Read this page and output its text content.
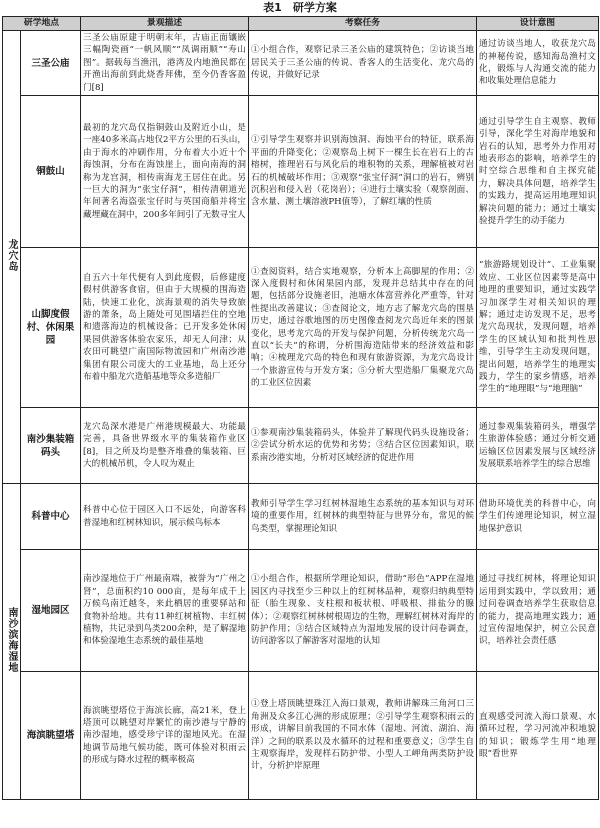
表1　研学方案
研学地点		景观描述	考察任务	设计意图
龙穴岛	三圣公庙	三圣公庙原建于明朝末年，古庙正面镶嵌三幅陶瓷画“一帆风顺”“凤调雨顺”“寿山图”。据载每当渔汛，港湾及内地渔民都在开渔出海前到此烧香拜佛，至今仍香客盈门[8]	①小组合作，观察记录三圣公庙的建筑特色；②访谈当地居民关于三圣公庙的传说、香客人的生活变化、龙穴岛的传说，并做好记录	通过访谈当地人，收获龙穴岛的神秘传说，感知海岛渔村文化，锻炼与人沟通交流的能力和收集处理信息能力
	铜鼓山	最初的龙穴岛仅指铜鼓山及附近小山，是一座40多米高占地仅2平方公里的石头山，由于海水的冲刷作用，分布着大小近十个海蚀洞，分布在海蚀崖上，面向南海的洞称为龙宫洞，相传南海龙王居住在此。另一巨大的洞为“张宝仔洞”，相传清朝道光年间著名海盗张宝仔时与英国商船并将宝藏埋藏在洞中，200多年间引了无数寻宝人	①引导学生观察并识别海蚀洞、海蚀平台的特征，联系海平面的升降变化；②观察岛上树下一棵生长在岩石上的古榕树，推理岩石与风化后的堆积物的关系，理解植被对岩石的机械破坏作用；③观察“张宝仔洞”洞口的岩石，辨别沉积岩和侵入岩（花岗岩）；④进行土壤实验（观察剖面、含水量、测土壤溶液PH值等），了解红壤的性质	通过引导学生自主观察、教师引导，深化学生对海岸地貌和岩石的认知，思考外力作用对地表形态的影响，培养学生的时空综合思维和自主探究能力，解决具体问题，培养学生的实践力，提高运用地理知识解决问题的能力；通过土壤实验提升学生的动手能力
	山脚度假村、休闲果园	自五六十年代便有人到此度假，后修建度假村供游客食宿，但由于大规模的围海造陆，快速工业化，滨海景观的消失导致旅游的萧条，岛上随处可见围墙拦住的空地和遗落海边的机械设备；已开发多处休闲果园供游客体验农家乐，却无人问津；从农田可眺望广南国际物流园和广州南沙港集团有限公司庞大的工业基地，岛上还分布着中船龙穴造船基地等众多造船厂	①查阅资料，结合实地观察，分析本上高脚屋的作用；②深入度假村和休闲果园内部，发现并总结其中存在的问题，包括部分设施老旧，池塘水体富营养化严重等，针对性提出改善建议；③查阅论文，地方志了解龙穴岛的围垦历史，通过谷歌地图的历史图像查阅龙穴岛近年来的图景变化，思考龙穴岛的开发与保护问题，分析传统龙穴岛一直以“长夫”的称谓，分析围海造陆带来的经济效益和影响；④梳理龙穴岛的特色和现有旅游资源，为龙穴岛设计一个旅游宣传与开发方案；⑤分析大型造船厂集聚龙穴岛的工业区位因素	“旅游路规划设计”、工业集聚效应、工业区位因素等是高中地理的重要知识，通过实践学习加深学生对相关知识的理解；通过走访发现不足，思考龙穴岛现状，发现问题，培养学生的区域认知和批判性思维，引导学生主动发现问题，提出问题，培养学生的地理实践力，学生的家乡情感，培养学生的“地理眼”与“地理脑”
	南沙集装箱码头	龙穴岛深水港是广州港规模最大、功能最完善，具备世界级水平的集装箱作业区[8]，目之所及均是整齐堆叠的集装箱、巨大的机械吊机，令人叹为观止	①参观南沙集装箱码头，体验并了解现代码头设施设备；②尝试分析水运的优势和劣势；③结合区位因素知识，联系南沙港实地，分析对区域经济的促进作用	通过参观集装箱码头，增强学生旅游体验感；通过分析交通运输区位因素发展与区域经济发展联系培养学生的综合思维
南沙滨海湿地	科普中心	科普中心位于园区入口不远处，向游客科普湿地和红树林知识，展示候鸟标本	教师引导学生学习红树林湿地生态系统的基本知识与对环境的重要作用，红树林的典型特征与世界分布，常见的候鸟类型，掌握理论知识	借助环境优美的科普中心，向学生们传递理论知识，树立湿地保护意识
	湿地园区	南沙湿地位于广州最南端，被誉为“广州之肾”，总面积约10 000亩，是每年成千上万候鸟南迁越冬，来此栖居的重要驿站和食物补给地。共有11种红树植物、丰红树植物，共记录到鸟类200余种，是了解湿地和体验湿地生态系统的最佳基地	①小组合作，根据所学理论知识，借助“形色”APP在湿地园区内寻找至少三种以上的红树林品种，观察归纳典型特征（胎生现象、支柱根和板状根、呼吸根、排盐分的腺体）；②观察红树林树根周边的生物，理解红树林对海岸的防护作用；③结合区域特点为湿地发展的设计问卷调查，访问游客以了解游客对湿地的认知	通过寻找红树林，将理论知识运用到实践中，学以致用；通过问卷调查培养学生获取信息的能力，提高地理实践力；通过宣传湿地保护，树立公民意识，培养社会责任感
	海滨眺望塔	海滨眺望塔位于海滨长廊，高21米，登上塔顶可以眺望对岸繁忙的南沙港与宁静的南沙湿地，感受珍宁详的湿地风光。在湿地调节局地气候功能，既可体验对积雨云的形成与降水过程的概率极高	①登上塔顶眺望珠江入海口景观，教师讲解珠三角河口三角洲及众多江心洲的形成原理；②引导学生观察积雨云的形成，讲解目前我国的不同水体（湿地、河流、湖泊、海洋）之间的联系以及水循环的过程和重要意义；③学生自主观察海岸，发现样石防护带、小型人工岬角两类防护设计，分析护岸原理	直观感受河流入海口景观、水循环过程，学习河流冲积地貌的知识；锻炼学生用“地理眼”看世界
